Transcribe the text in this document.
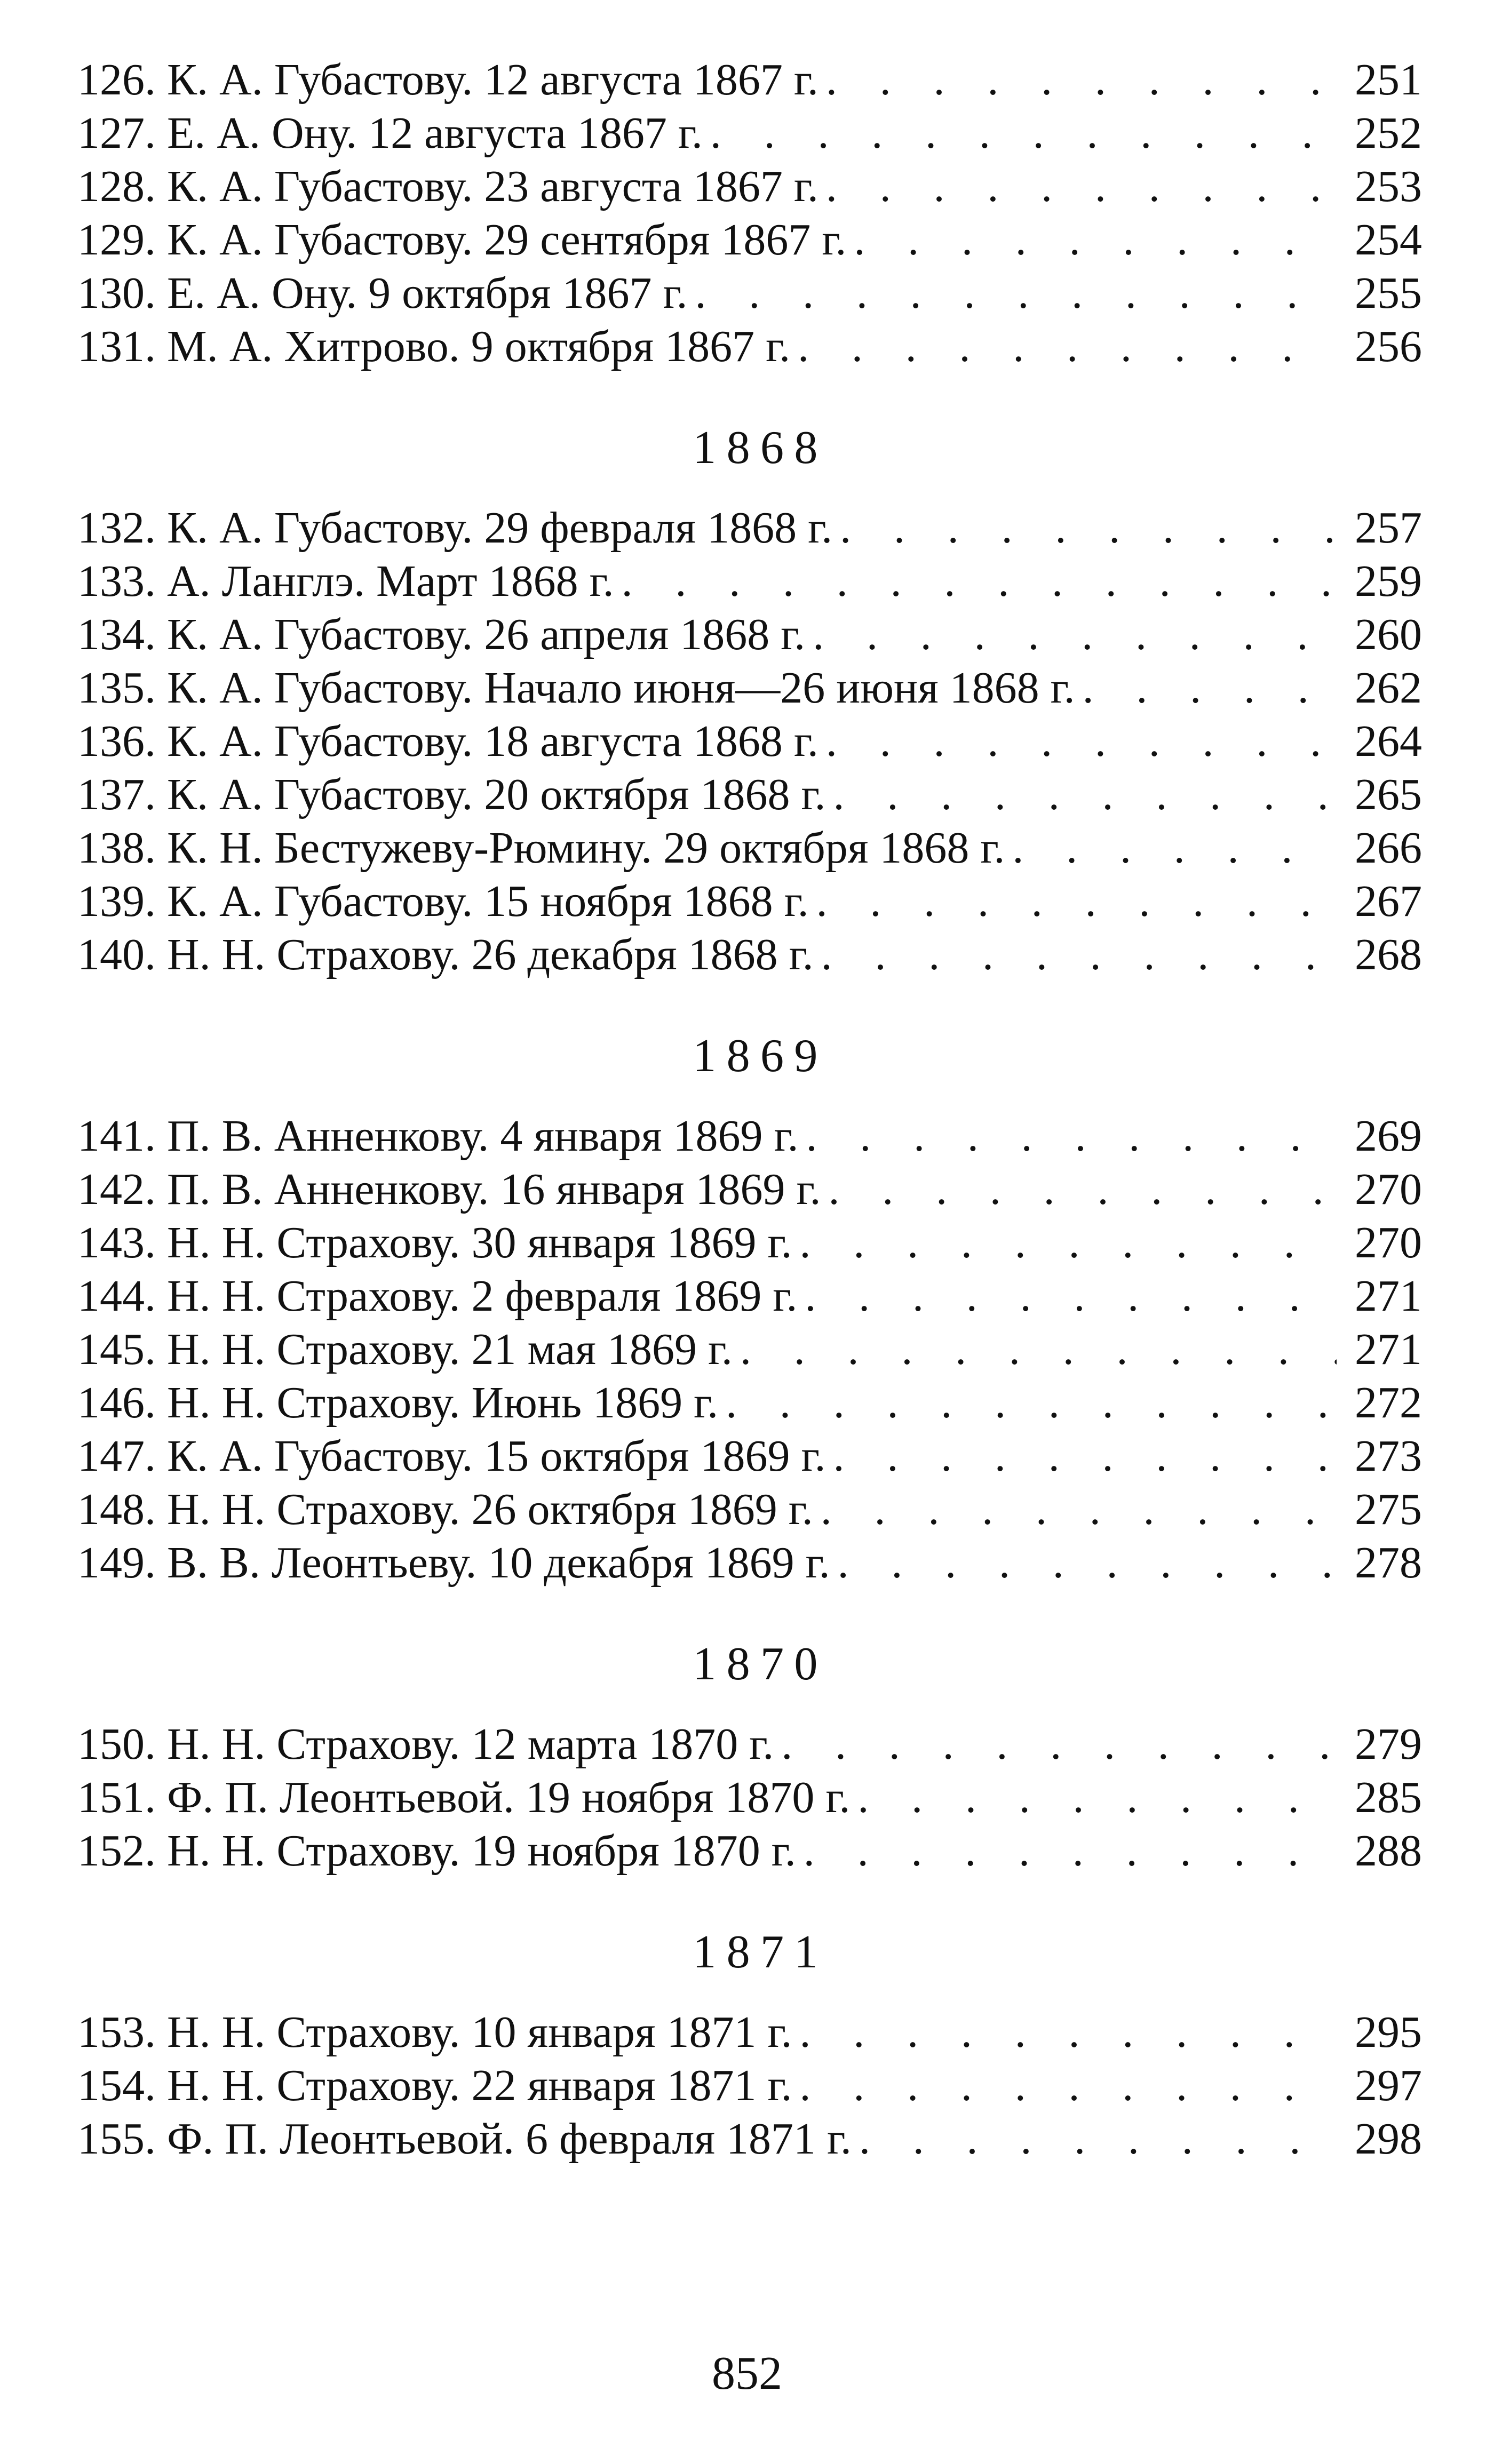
126. К. А. Губастову. 12 августа 1867 г. . . .	251
127. Е. А. Ону. 12 августа 1867 г. . . .	252
128. К. А. Губастову. 23 августа 1867 г. . . .	253
129. К. А. Губастову. 29 сентября 1867 г. . . .	254
130. Е. А. Ону. 9 октября 1867 г. . . .	255
131. М. А. Хитрово. 9 октября 1867 г. . . .	256
1868
132. К. А. Губастову. 29 февраля 1868 г. . . .	257
133. А. Ланглэ. Март 1868 г. . . .	259
134. К. А. Губастову. 26 апреля 1868 г. . . .	260
135. К. А. Губастову. Начало июня—26 июня 1868 г. . . .	262
136. К. А. Губастову. 18 августа 1868 г. . . .	264
137. К. А. Губастову. 20 октября 1868 г. . . .	265
138. К. Н. Бестужеву-Рюмину. 29 октября 1868 г. . . .	266
139. К. А. Губастову. 15 ноября 1868 г. . . .	267
140. Н. Н. Страхову. 26 декабря 1868 г. . . .	268
1869
141. П. В. Анненкову. 4 января 1869 г. . . .	269
142. П. В. Анненкову. 16 января 1869 г. . . .	270
143. Н. Н. Страхову. 30 января 1869 г. . . .	270
144. Н. Н. Страхову. 2 февраля 1869 г. . . .	271
145. Н. Н. Страхову. 21 мая 1869 г. . . .	271
146. Н. Н. Страхову. Июнь 1869 г. . . .	272
147. К. А. Губастову. 15 октября 1869 г. . . .	273
148. Н. Н. Страхову. 26 октября 1869 г. . . .	275
149. В. В. Леонтьеву. 10 декабря 1869 г. . . .	278
1870
150. Н. Н. Страхову. 12 марта 1870 г. . . .	279
151. Ф. П. Леонтьевой. 19 ноября 1870 г. . . .	285
152. Н. Н. Страхову. 19 ноября 1870 г. . . .	288
1871
153. Н. Н. Страхову. 10 января 1871 г. . . .	295
154. Н. Н. Страхову. 22 января 1871 г. . . .	297
155. Ф. П. Леонтьевой. 6 февраля 1871 г. . . .	298
852
